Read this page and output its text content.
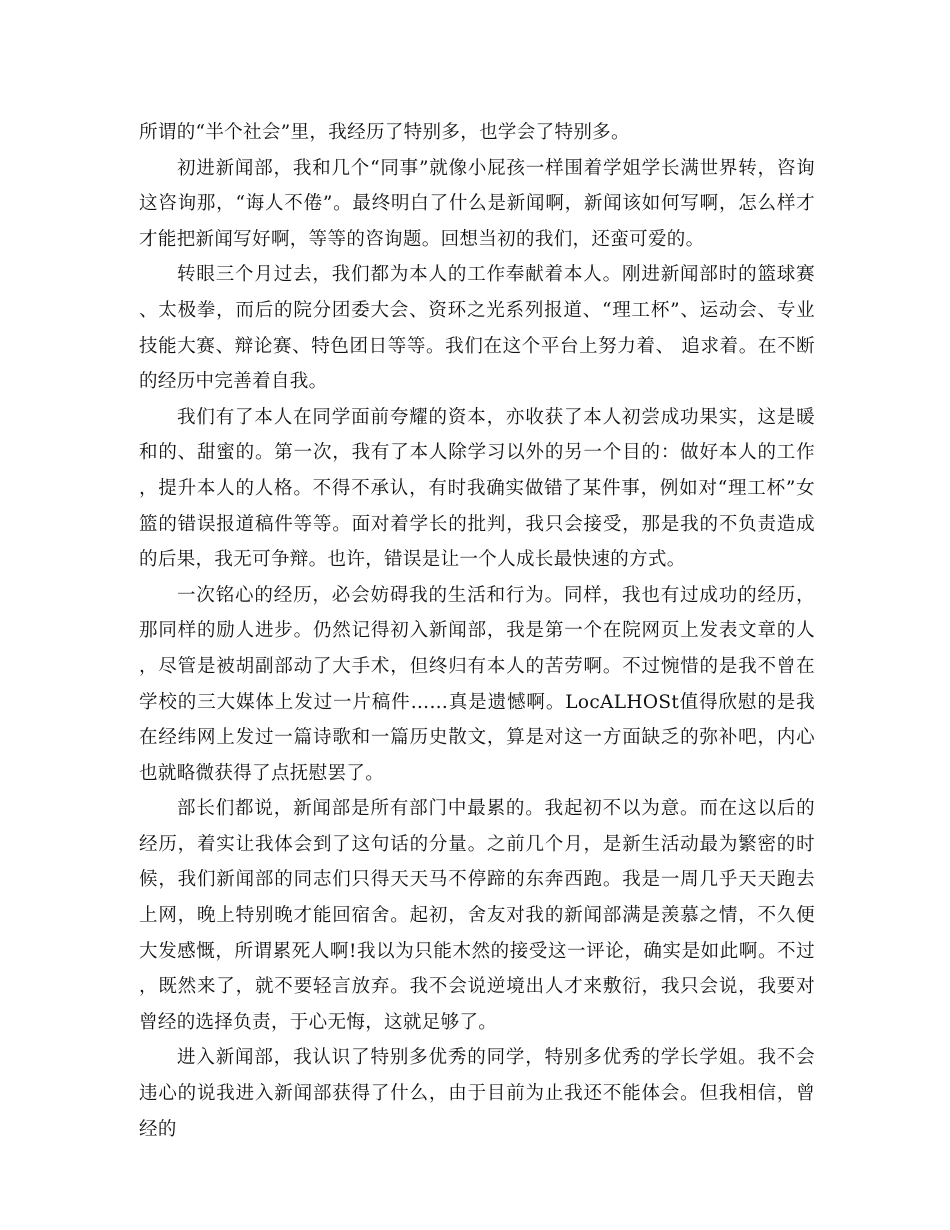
所谓的“半个社会”里，我经历了特别多，也学会了特别多。

初进新闻部，我和几个“同事”就像小屁孩一样围着学姐学长满世界转，咨询这咨询那，“诲人不倦”。最终明白了什么是新闻啊，新闻该如何写啊，怎么样才才能把新闻写好啊，等等的咨询题。回想当初的我们，还蛮可爱的。

转眼三个月过去，我们都为本人的工作奉献着本人。刚进新闻部时的篮球赛、太极拳，而后的院分团委大会、资环之光系列报道、“理工杯”、运动会、专业技能大赛、辩论赛、特色团日等等。我们在这个平台上努力着、 追求着。在不断的经历中完善着自我。

我们有了本人在同学面前夸耀的资本，亦收获了本人初尝成功果实，这是暖和的、甜蜜的。第一次，我有了本人除学习以外的另一个目的：做好本人的工作，提升本人的人格。不得不承认，有时我确实做错了某件事，例如对“理工杯”女篮的错误报道稿件等等。面对着学长的批判，我只会接受，那是我的不负责造成的后果，我无可争辩。也许，错误是让一个人成长最快速的方式。

一次铭心的经历，必会妨碍我的生活和行为。同样，我也有过成功的经历，那同样的励人进步。仍然记得初入新闻部，我是第一个在院网页上发表文章的人，尽管是被胡副部动了大手术，但终归有本人的苦劳啊。不过惋惜的是我不曾在学校的三大媒体上发过一片稿件……真是遗憾啊。LocALHOSt值得欣慰的是我在经纬网上发过一篇诗歌和一篇历史散文，算是对这一方面缺乏的弥补吧，内心也就略微获得了点抚慰罢了。

部长们都说，新闻部是所有部门中最累的。我起初不以为意。而在这以后的经历，着实让我体会到了这句话的分量。之前几个月，是新生活动最为繁密的时候，我们新闻部的同志们只得天天马不停蹄的东奔西跑。我是一周几乎天天跑去上网，晚上特别晚才能回宿舍。起初，舍友对我的新闻部满是羡慕之情，不久便大发感慨，所谓累死人啊!我以为只能木然的接受这一评论，确实是如此啊。不过，既然来了，就不要轻言放弃。我不会说逆境出人才来敷衍，我只会说，我要对曾经的选择负责，于心无悔，这就足够了。

进入新闻部，我认识了特别多优秀的同学，特别多优秀的学长学姐。我不会违心的说我进入新闻部获得了什么，由于目前为止我还不能体会。但我相信，曾经的
